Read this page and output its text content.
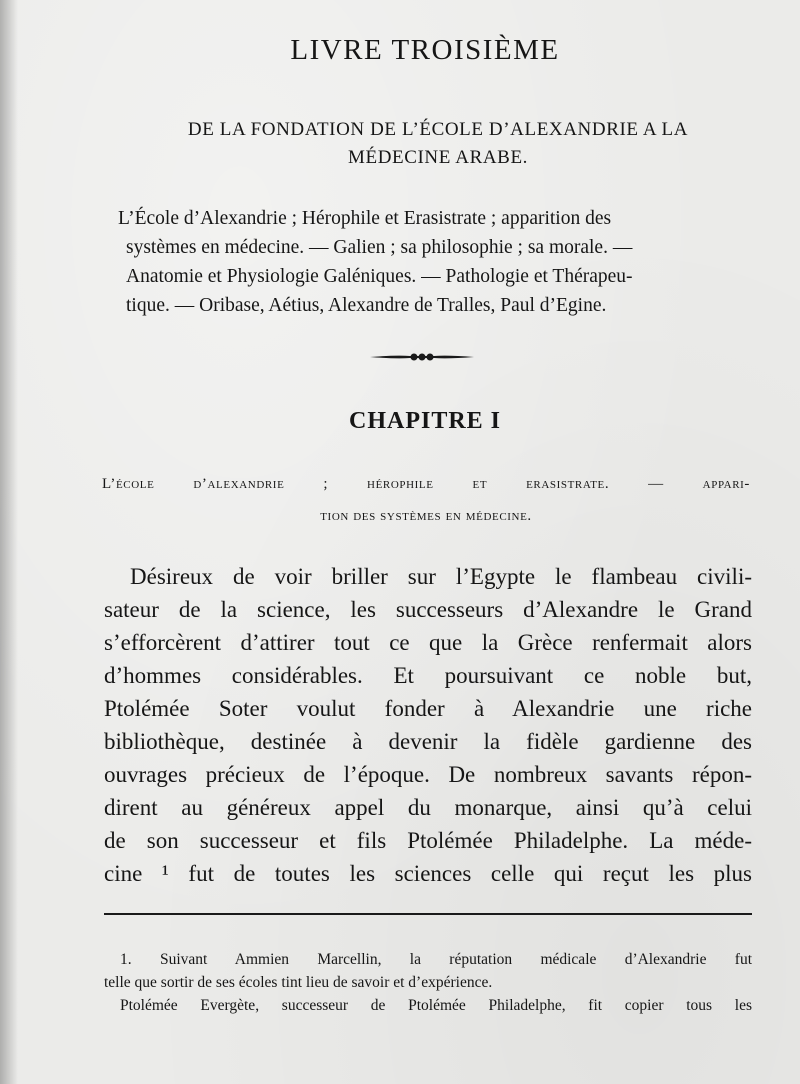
LIVRE TROISIÈME
DE LA FONDATION DE L’ÉCOLE D’ALEXANDRIE A LA
MÉDECINE ARABE.
L’École d’Alexandrie ; Hérophile et Erasistrate ; apparition des
systèmes en médecine. — Galien ; sa philosophie ; sa morale. —
Anatomie et Physiologie Galéniques. — Pathologie et Thérapeu-
tique. — Oribase, Aétius, Alexandre de Tralles, Paul d’Egine.
CHAPITRE I
L’école d’alexandrie ; hérophile et erasistrate. — appari-
tion des systèmes en médecine.
Désireux de voir briller sur l’Egypte le flambeau civili-
sateur de la science, les successeurs d’Alexandre le Grand
s’efforcèrent d’attirer tout ce que la Grèce renfermait alors
d’hommes considérables. Et poursuivant ce noble but,
Ptolémée Soter voulut fonder à Alexandrie une riche
bibliothèque, destinée à devenir la fidèle gardienne des
ouvrages précieux de l’époque. De nombreux savants répon-
dirent au généreux appel du monarque, ainsi qu’à celui
de son successeur et fils Ptolémée Philadelphe. La méde-
cine ¹ fut de toutes les sciences celle qui reçut les plus
1. Suivant Ammien Marcellin, la réputation médicale d’Alexandrie fut
telle que sortir de ses écoles tint lieu de savoir et d’expérience.
Ptolémée Evergète, successeur de Ptolémée Philadelphe, fit copier tous les
